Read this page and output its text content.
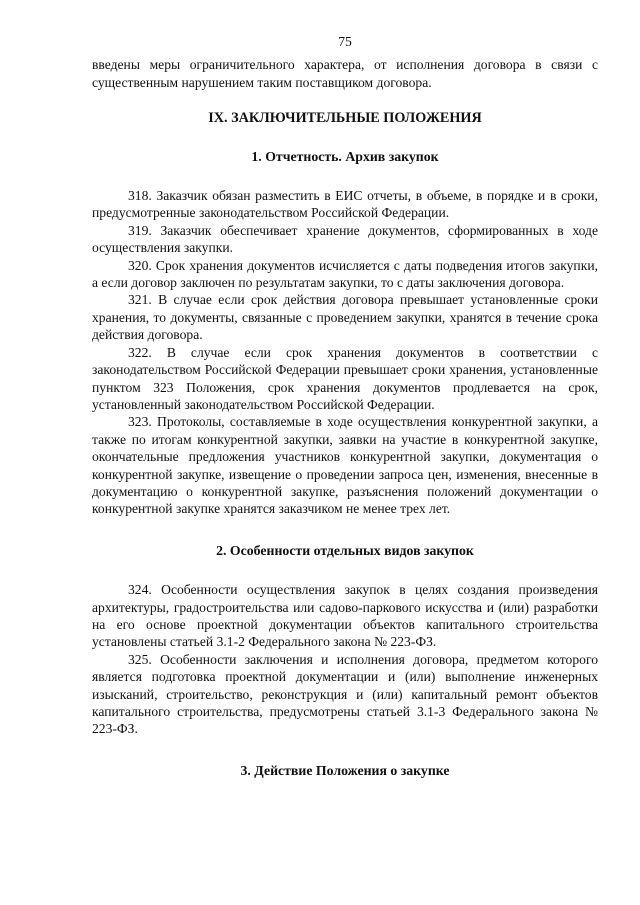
75

введены меры ограничительного характера, от исполнения договора в связи с существенным нарушением таким поставщиком договора.

IX. ЗАКЛЮЧИТЕЛЬНЫЕ ПОЛОЖЕНИЯ
1. Отчетность. Архив закупок

318. Заказчик обязан разместить в ЕИС отчеты, в объеме, в порядке и в сроки, предусмотренные законодательством Российской Федерации.

319. Заказчик обеспечивает хранение документов, сформированных в ходе осуществления закупки.

320. Срок хранения документов исчисляется с даты подведения итогов закупки, а если договор заключен по результатам закупки, то с даты заключения договора.

321. В случае если срок действия договора превышает установленные сроки хранения, то документы, связанные с проведением закупки, хранятся в течение срока действия договора.

322. В случае если срок хранения документов в соответствии с законодательством Российской Федерации превышает сроки хранения, установленные пунктом 323 Положения, срок хранения документов продлевается на срок, установленный законодательством Российской Федерации.

323. Протоколы, составляемые в ходе осуществления конкурентной закупки, а также по итогам конкурентной закупки, заявки на участие в конкурентной закупке, окончательные предложения участников конкурентной закупки, документация о конкурентной закупке, извещение о проведении запроса цен, изменения, внесенные в документацию о конкурентной закупке, разъяснения положений документации о конкурентной закупке хранятся заказчиком не менее трех лет.

2. Особенности отдельных видов закупок

324. Особенности осуществления закупок в целях создания произведения архитектуры, градостроительства или садово-паркового искусства и (или) разработки на его основе проектной документации объектов капитального строительства установлены статьей 3.1-2 Федерального закона № 223-ФЗ.

325. Особенности заключения и исполнения договора, предметом которого является подготовка проектной документации и (или) выполнение инженерных изысканий, строительство, реконструкция и (или) капитальный ремонт объектов капитального строительства, предусмотрены статьей 3.1-3 Федерального закона № 223-ФЗ.

3. Действие Положения о закупке
